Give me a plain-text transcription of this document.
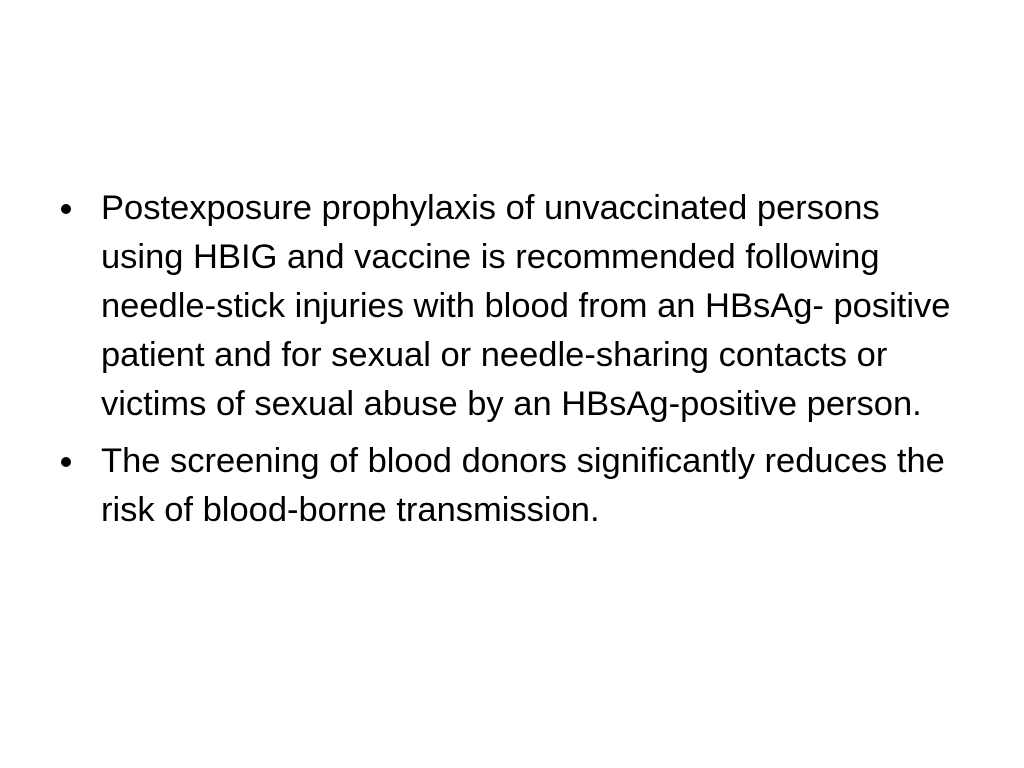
Postexposure prophylaxis of unvaccinated persons using HBIG and vaccine is recommended following needle-stick injuries with blood from an HBsAg- positive patient and for sexual or needle-sharing contacts or victims of sexual abuse by an HBsAg-positive person.
The screening of blood donors significantly reduces the risk of blood-borne transmission.
